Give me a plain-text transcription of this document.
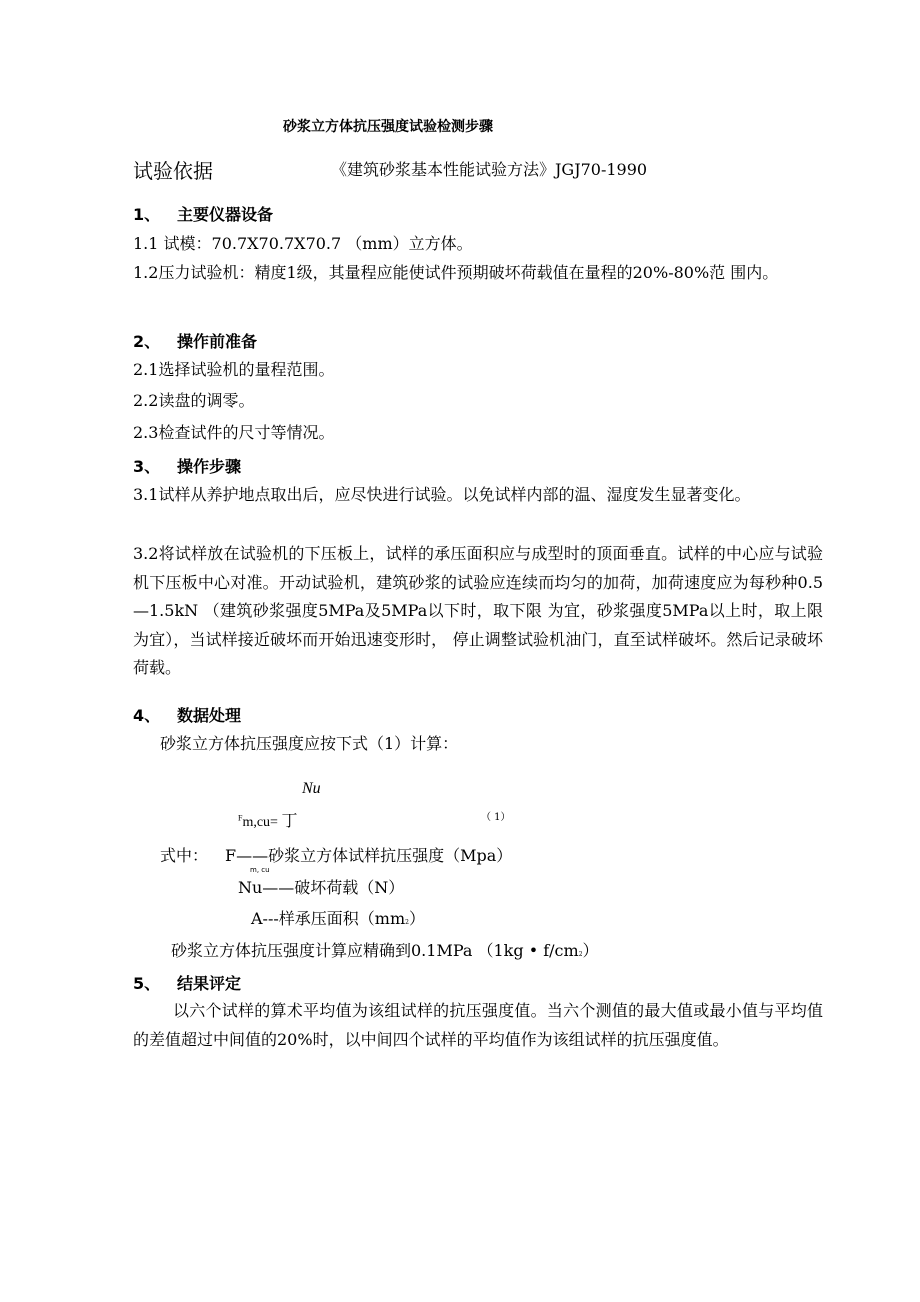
砂浆立方体抗压强度试验检测步骤
试验依据	《建筑砂浆基本性能试验方法》JGJ70-1990
1、 主要仪器设备
1.1 试模：70.7X70.7X70.7 （mm）立方体。
1.2压力试验机：精度1级，其量程应能使试件预期破坏荷载值在量程的20%-80%范 围内。
2、 操作前准备
2.1选择试验机的量程范围。
2.2读盘的调零。
2.3检查试件的尺寸等情况。
3、 操作步骤
3.1试样从养护地点取出后，应尽快进行试验。以免试样内部的温、湿度发生显著变化。
3.2将试样放在试验机的下压板上，试样的承压面积应与成型时的顶面垂直。试样的中心应与试验机下压板中心对准。开动试验机，建筑砂浆的试验应连续而均匀的加荷，加荷速度应为每秒种0.5—1.5kN （建筑砂浆强度5MPa及5MPa以下时，取下限 为宜，砂浆强度5MPa以上时，取上限为宜），当试样接近破坏而开始迅速变形时， 停止调整试验机油门，直至试样破坏。然后记录破坏荷载。
4、 数据处理
砂浆立方体抗压强度应按下式（1）计算：
Nu
$^F$m,cu= 丁	（ 1）
式中： F——砂浆立方体试样抗压强度（Mpa）
m, cu
Nu——破坏荷载（N）
A---样承压面积（mm2）
砂浆立方体抗压强度计算应精确到0.1MPa （1kg • f/cm2）
5、 结果评定
以六个试样的算术平均值为该组试样的抗压强度值。当六个测值的最大值或最小值与平均值的差值超过中间值的20%时，以中间四个试样的平均值作为该组试样的抗压强度值。
